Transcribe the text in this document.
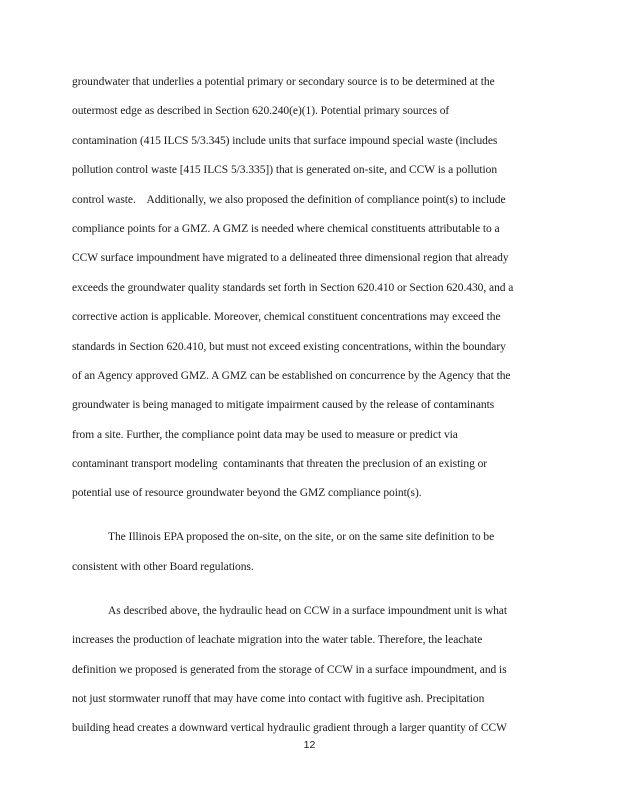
groundwater that underlies a potential primary or secondary source is to be determined at the
outermost edge as described in Section 620.240(e)(1). Potential primary sources of
contamination (415 ILCS 5/3.345) include units that surface impound special waste (includes
pollution control waste [415 ILCS 5/3.335]) that is generated on-site, and CCW is a pollution
control waste.    Additionally, we also proposed the definition of compliance point(s) to include
compliance points for a GMZ. A GMZ is needed where chemical constituents attributable to a
CCW surface impoundment have migrated to a delineated three dimensional region that already
exceeds the groundwater quality standards set forth in Section 620.410 or Section 620.430, and a
corrective action is applicable. Moreover, chemical constituent concentrations may exceed the
standards in Section 620.410, but must not exceed existing concentrations, within the boundary
of an Agency approved GMZ. A GMZ can be established on concurrence by the Agency that the
groundwater is being managed to mitigate impairment caused by the release of contaminants
from a site. Further, the compliance point data may be used to measure or predict via
contaminant transport modeling  contaminants that threaten the preclusion of an existing or
potential use of resource groundwater beyond the GMZ compliance point(s).
The Illinois EPA proposed the on-site, on the site, or on the same site definition to be
consistent with other Board regulations.
As described above, the hydraulic head on CCW in a surface impoundment unit is what
increases the production of leachate migration into the water table. Therefore, the leachate
definition we proposed is generated from the storage of CCW in a surface impoundment, and is
not just stormwater runoff that may have come into contact with fugitive ash. Precipitation
building head creates a downward vertical hydraulic gradient through a larger quantity of CCW
12
